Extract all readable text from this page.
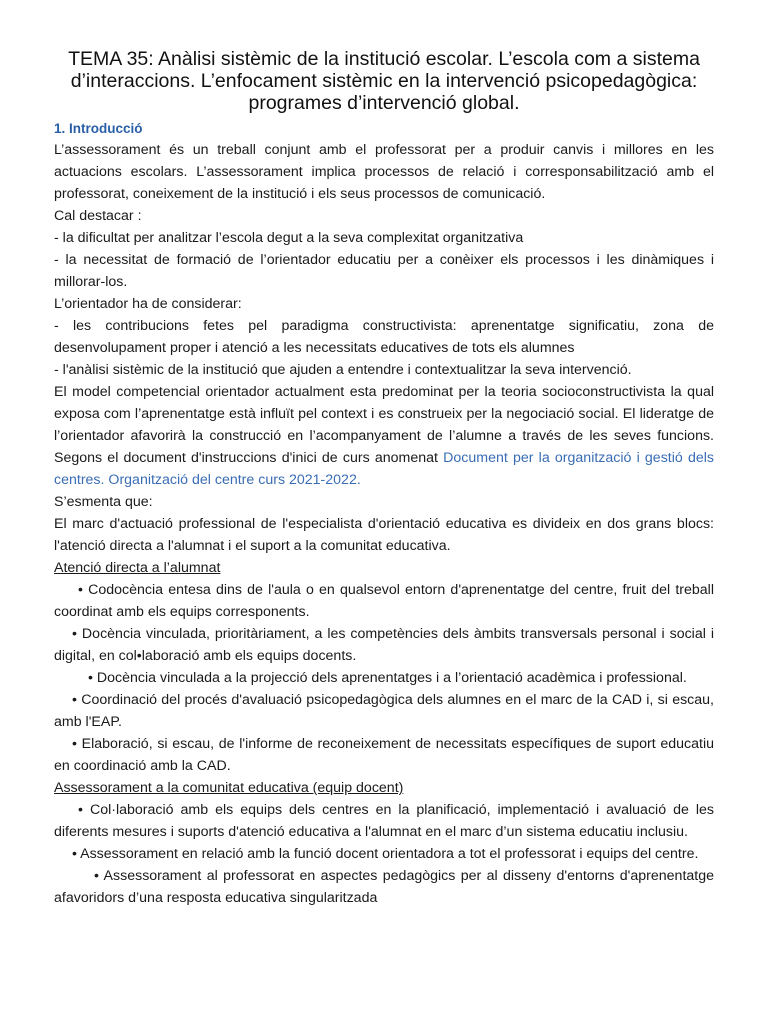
TEMA 35: Anàlisi sistèmic de la institució escolar. L’escola com a sistema d’interaccions. L’enfocament sistèmic en la intervenció psicopedagògica: programes d’intervenció global.
1. Introducció

L’assessorament és un treball conjunt amb el professorat per a produir canvis i millores en les actuacions escolars. L’assessorament implica processos de relació i corresponsabilització amb el professorat, coneixement de la institució i els seus processos de comunicació.

Cal destacar :

- la dificultat per analitzar l’escola degut a la seva complexitat organitzativa

- la necessitat de formació de l’orientador educatiu per a conèixer els processos i les dinàmiques i millorar-los.

L’orientador ha de considerar:

- les contribucions fetes pel paradigma constructivista: aprenentatge significatiu, zona de desenvolupament proper i atenció a les necessitats educatives de tots els alumnes

- l'anàlisi sistèmic de la institució que ajuden a entendre i contextualitzar la seva intervenció.

El model competencial orientador actualment esta predominat per la teoria socioconstructivista la qual exposa com l’aprenentatge està influït pel context i es construeix per la negociació social. El lideratge de l’orientador afavorirà la construcció en l’acompanyament de l’alumne a través de les seves funcions. Segons el document d'instruccions d'inici de curs anomenat Document per la organització i gestió dels centres. Organització del centre curs 2021-2022.

S’esmenta que:

El marc d'actuació professional de l'especialista d'orientació educativa es divideix en dos grans blocs: l'atenció directa a l'alumnat i el suport a la comunitat educativa.

Atenció directa a l’alumnat

• Codocència entesa dins de l'aula o en qualsevol entorn d'aprenentatge del centre, fruit del treball coordinat amb els equips corresponents.

• Docència vinculada, prioritàriament, a les competències dels àmbits transversals personal i social i digital, en col•laboració amb els equips docents.

• Docència vinculada a la projecció dels aprenentatges i a l’orientació acadèmica i professional.

• Coordinació del procés d'avaluació psicopedagògica dels alumnes en el marc de la CAD i, si escau, amb l'EAP.

• Elaboració, si escau, de l'informe de reconeixement de necessitats específiques de suport educatiu en coordinació amb la CAD.

Assessorament a la comunitat educativa (equip docent)

• Col·laboració amb els equips dels centres en la planificació, implementació i avaluació de les diferents mesures i suports d'atenció educativa a l'alumnat en el marc d’un sistema educatiu inclusiu.

• Assessorament en relació amb la funció docent orientadora a tot el professorat i equips del centre.

• Assessorament al professorat en aspectes pedagògics per al disseny d'entorns d'aprenentatge afavoridors d’una resposta educativa singularitzada
